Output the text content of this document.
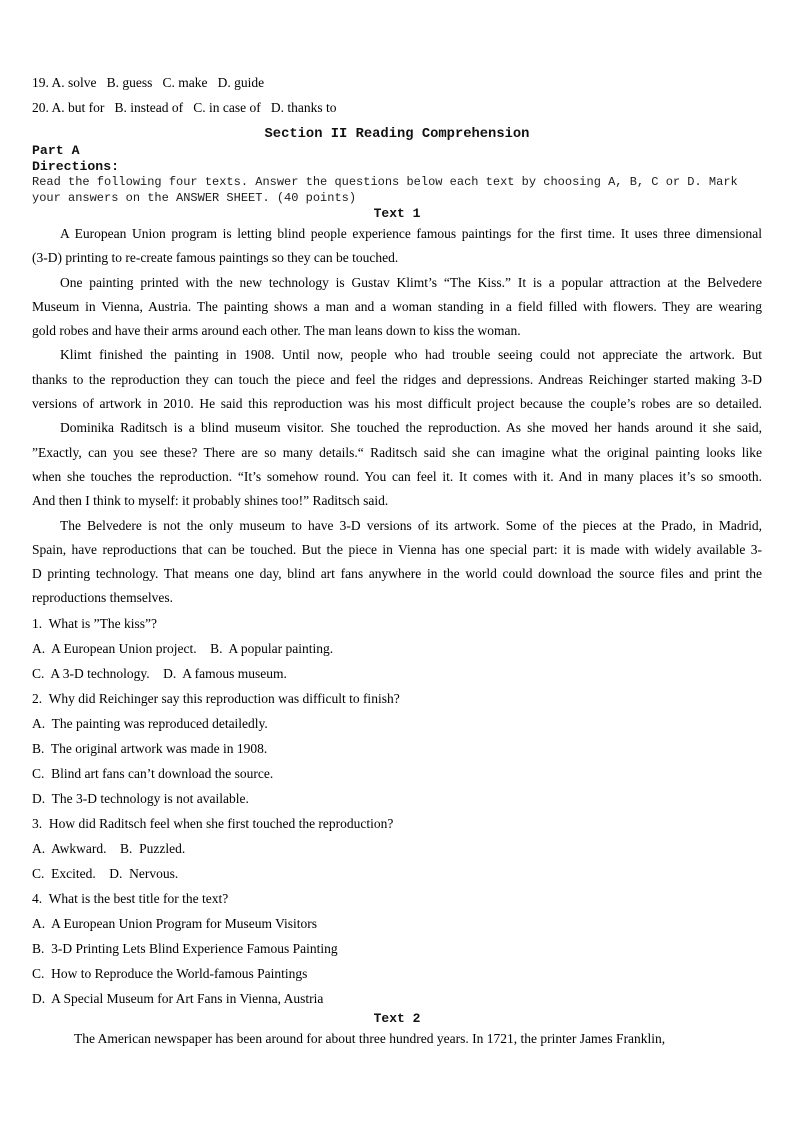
19. A. solve   B. guess   C. make   D. guide
20. A. but for   B. instead of   C. in case of   D. thanks to
Section II Reading Comprehension
Part A
Directions:
Read the following four texts. Answer the questions below each text by choosing A, B, C or D. Mark
your answers on the ANSWER SHEET. (40 points)
Text 1
A European Union program is letting blind people experience famous paintings for the first time. It uses three dimensional
(3-D) printing to re-create famous paintings so they can be touched.
One painting printed with the new technology is Gustav Klimt’s “The Kiss.” It is a popular attraction at the Belvedere
Museum in Vienna, Austria. The painting shows a man and a woman standing in a field filled with flowers. They are wearing
gold robes and have their arms around each other. The man leans down to kiss the woman.
Klimt finished the painting in 1908. Until now, people who had trouble seeing could not appreciate the artwork. But
thanks to the reproduction they can touch the piece and feel the ridges and depressions. Andreas Reichinger started making 3-D
versions of artwork in 2010. He said this reproduction was his most difficult project because the couple’s robes are so detailed.
Dominika Raditsch is a blind museum visitor. She touched the reproduction. As she moved her hands around it she said,
”Exactly, can you see these? There are so many details.“ Raditsch said she can imagine what the original painting looks like
when she touches the reproduction. “It’s somehow round. You can feel it. It comes with it. And in many places it’s so smooth.
And then I think to myself: it probably shines too!” Raditsch said.
The Belvedere is not the only museum to have 3-D versions of its artwork. Some of the pieces at the Prado, in Madrid,
Spain, have reproductions that can be touched. But the piece in Vienna has one special part: it is made with widely available 3-
D printing technology. That means one day, blind art fans anywhere in the world could download the source files and print the
reproductions themselves.
1.  What is ”The kiss”?
A.  A European Union project.    B.  A popular painting.
C.  A 3-D technology.    D.  A famous museum.
2.  Why did Reichinger say this reproduction was difficult to finish?
A.  The painting was reproduced detailedly.
B.  The original artwork was made in 1908.
C.  Blind art fans can’t download the source.
D.  The 3-D technology is not available.
3.  How did Raditsch feel when she first touched the reproduction?
A.  Awkward.    B.  Puzzled.
C.  Excited.    D.  Nervous.
4.  What is the best title for the text?
A.  A European Union Program for Museum Visitors
B.  3-D Printing Lets Blind Experience Famous Painting
C.  How to Reproduce the World-famous Paintings
D.  A Special Museum for Art Fans in Vienna, Austria
Text 2
The American newspaper has been around for about three hundred years. In 1721, the printer James Franklin,
